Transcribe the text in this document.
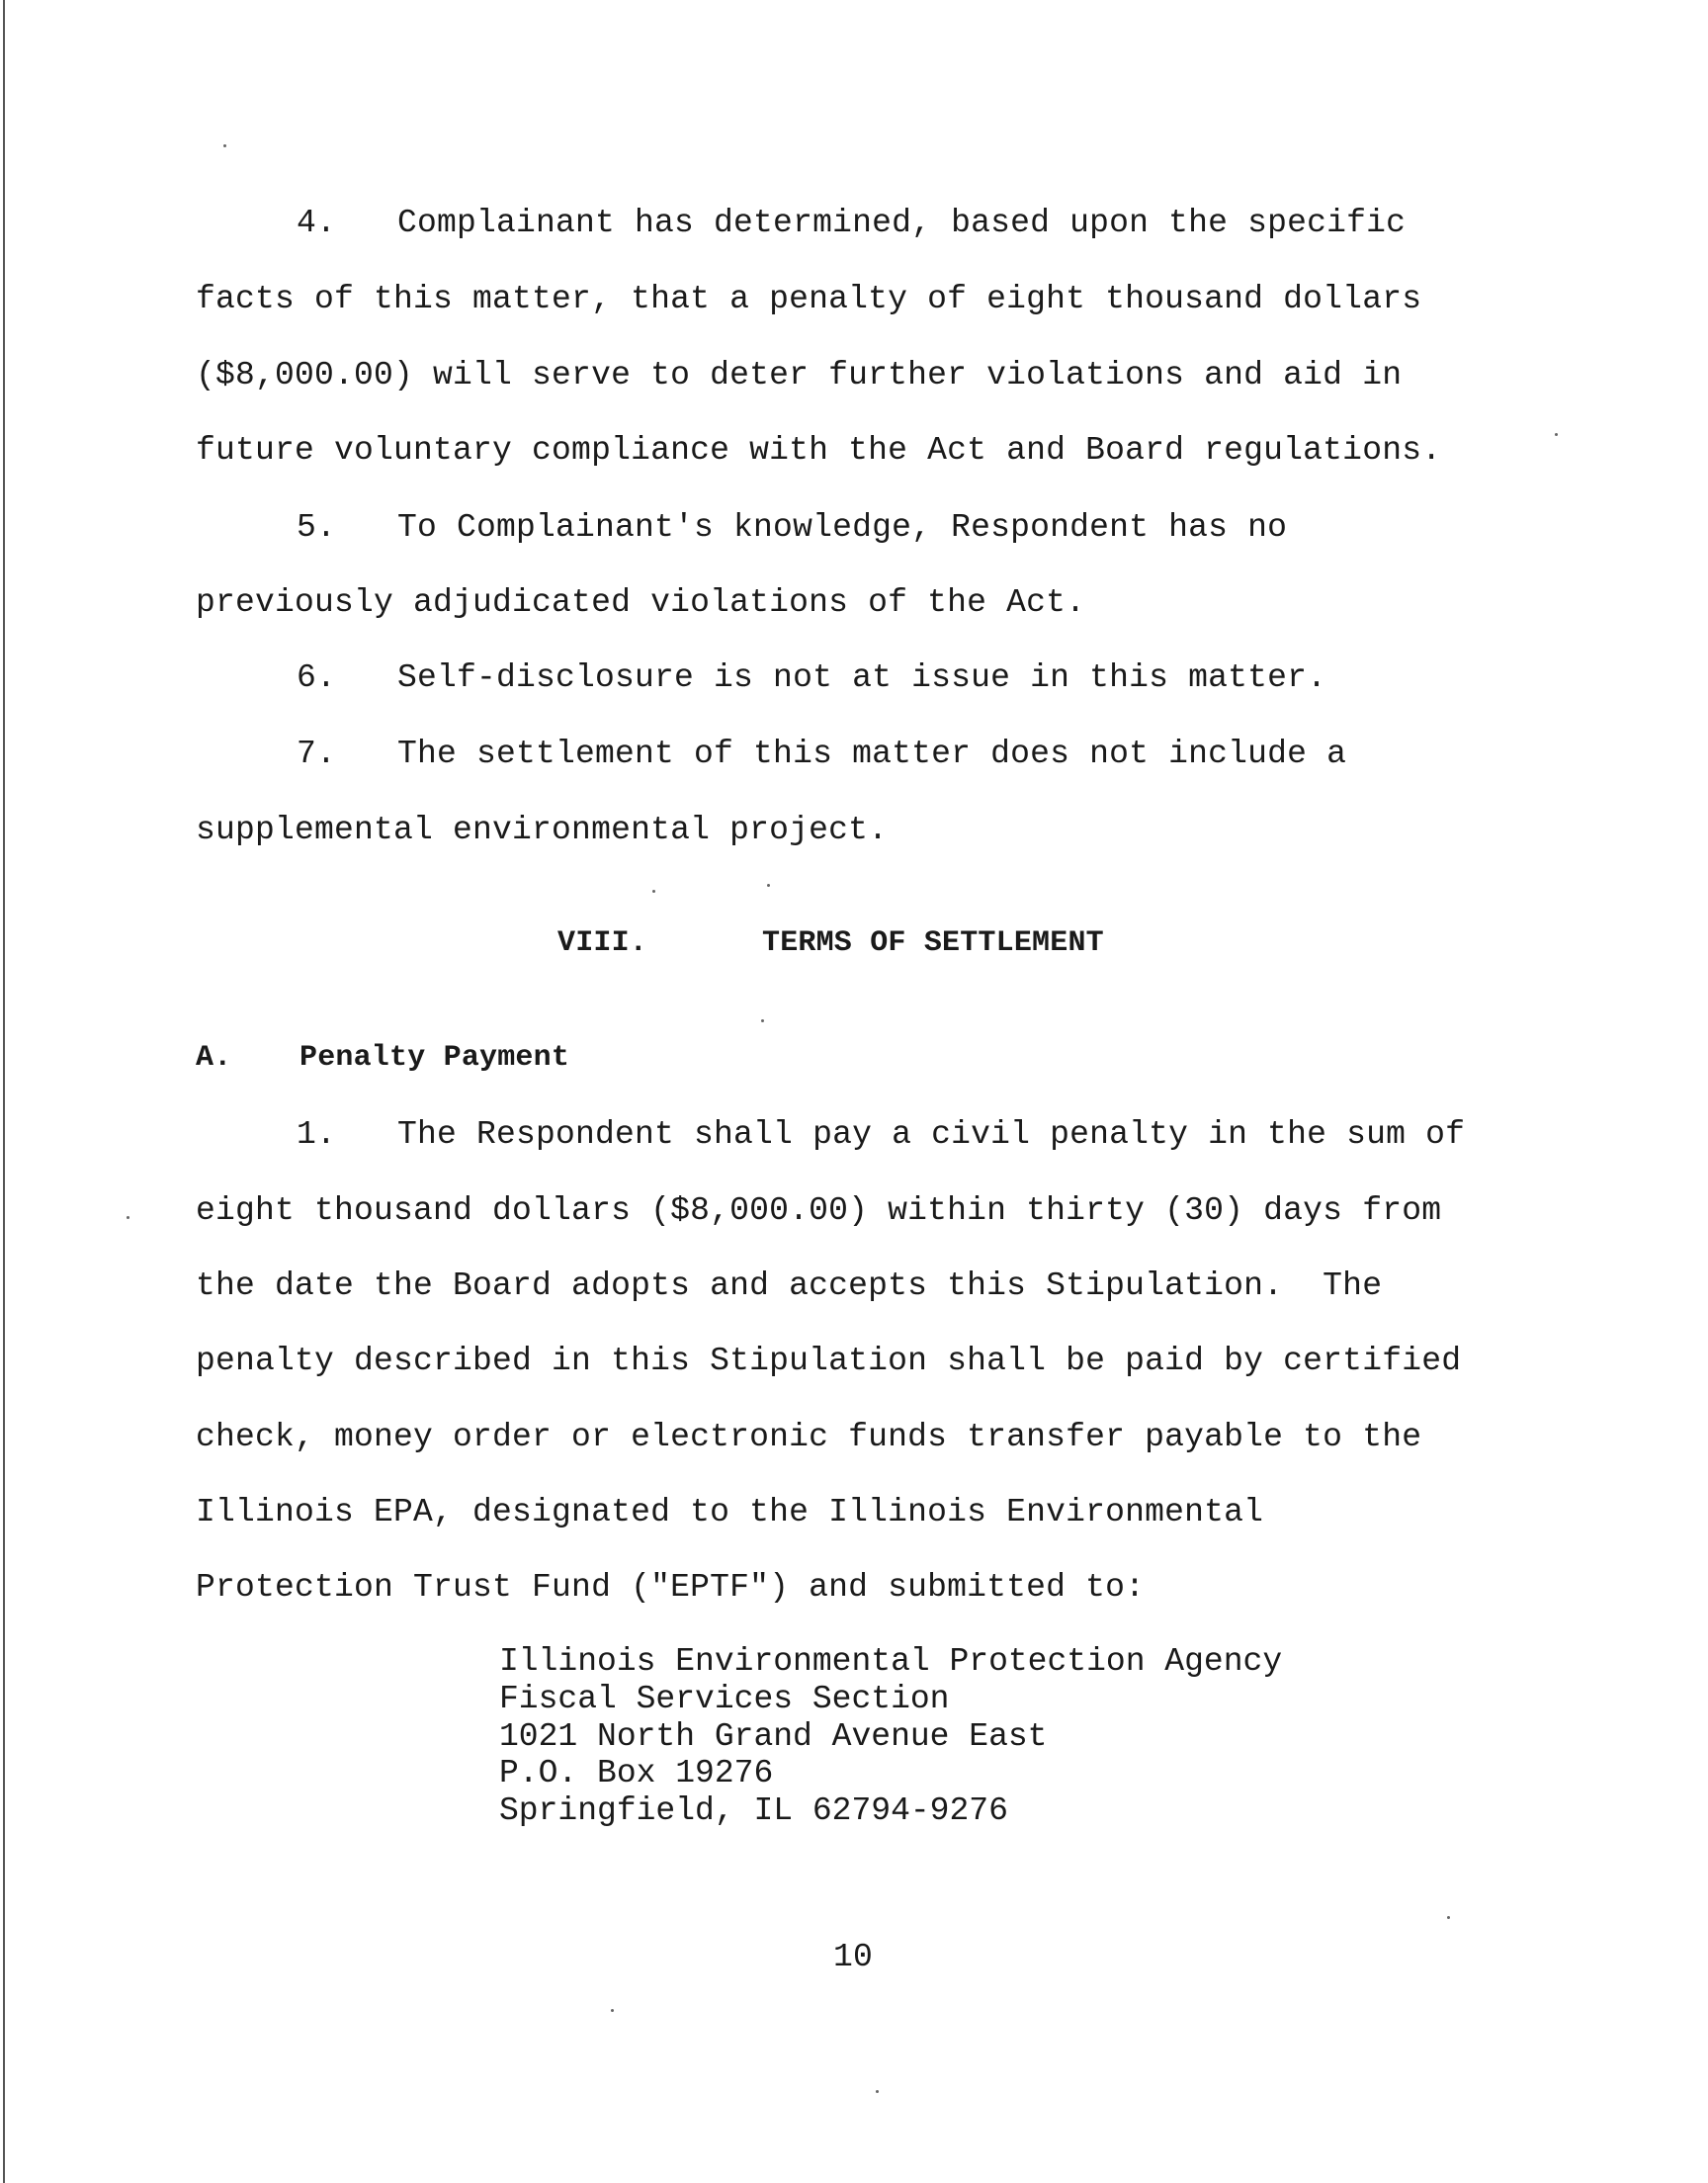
4. Complainant has determined, based upon the specific
facts of this matter, that a penalty of eight thousand dollars
($8,000.00) will serve to deter further violations and aid in
future voluntary compliance with the Act and Board regulations.
5. To Complainant's knowledge, Respondent has no
previously adjudicated violations of the Act.
6. Self-disclosure is not at issue in this matter.
7. The settlement of this matter does not include a
supplemental environmental project.
VIII.	TERMS OF SETTLEMENT
A. Penalty Payment
1. The Respondent shall pay a civil penalty in the sum of
eight thousand dollars ($8,000.00) within thirty (30) days from
the date the Board adopts and accepts this Stipulation.  The
penalty described in this Stipulation shall be paid by certified
check, money order or electronic funds transfer payable to the
Illinois EPA, designated to the Illinois Environmental
Protection Trust Fund ("EPTF") and submitted to:
Illinois Environmental Protection Agency
Fiscal Services Section
1021 North Grand Avenue East
P.O. Box 19276
Springfield, IL 62794-9276
10
